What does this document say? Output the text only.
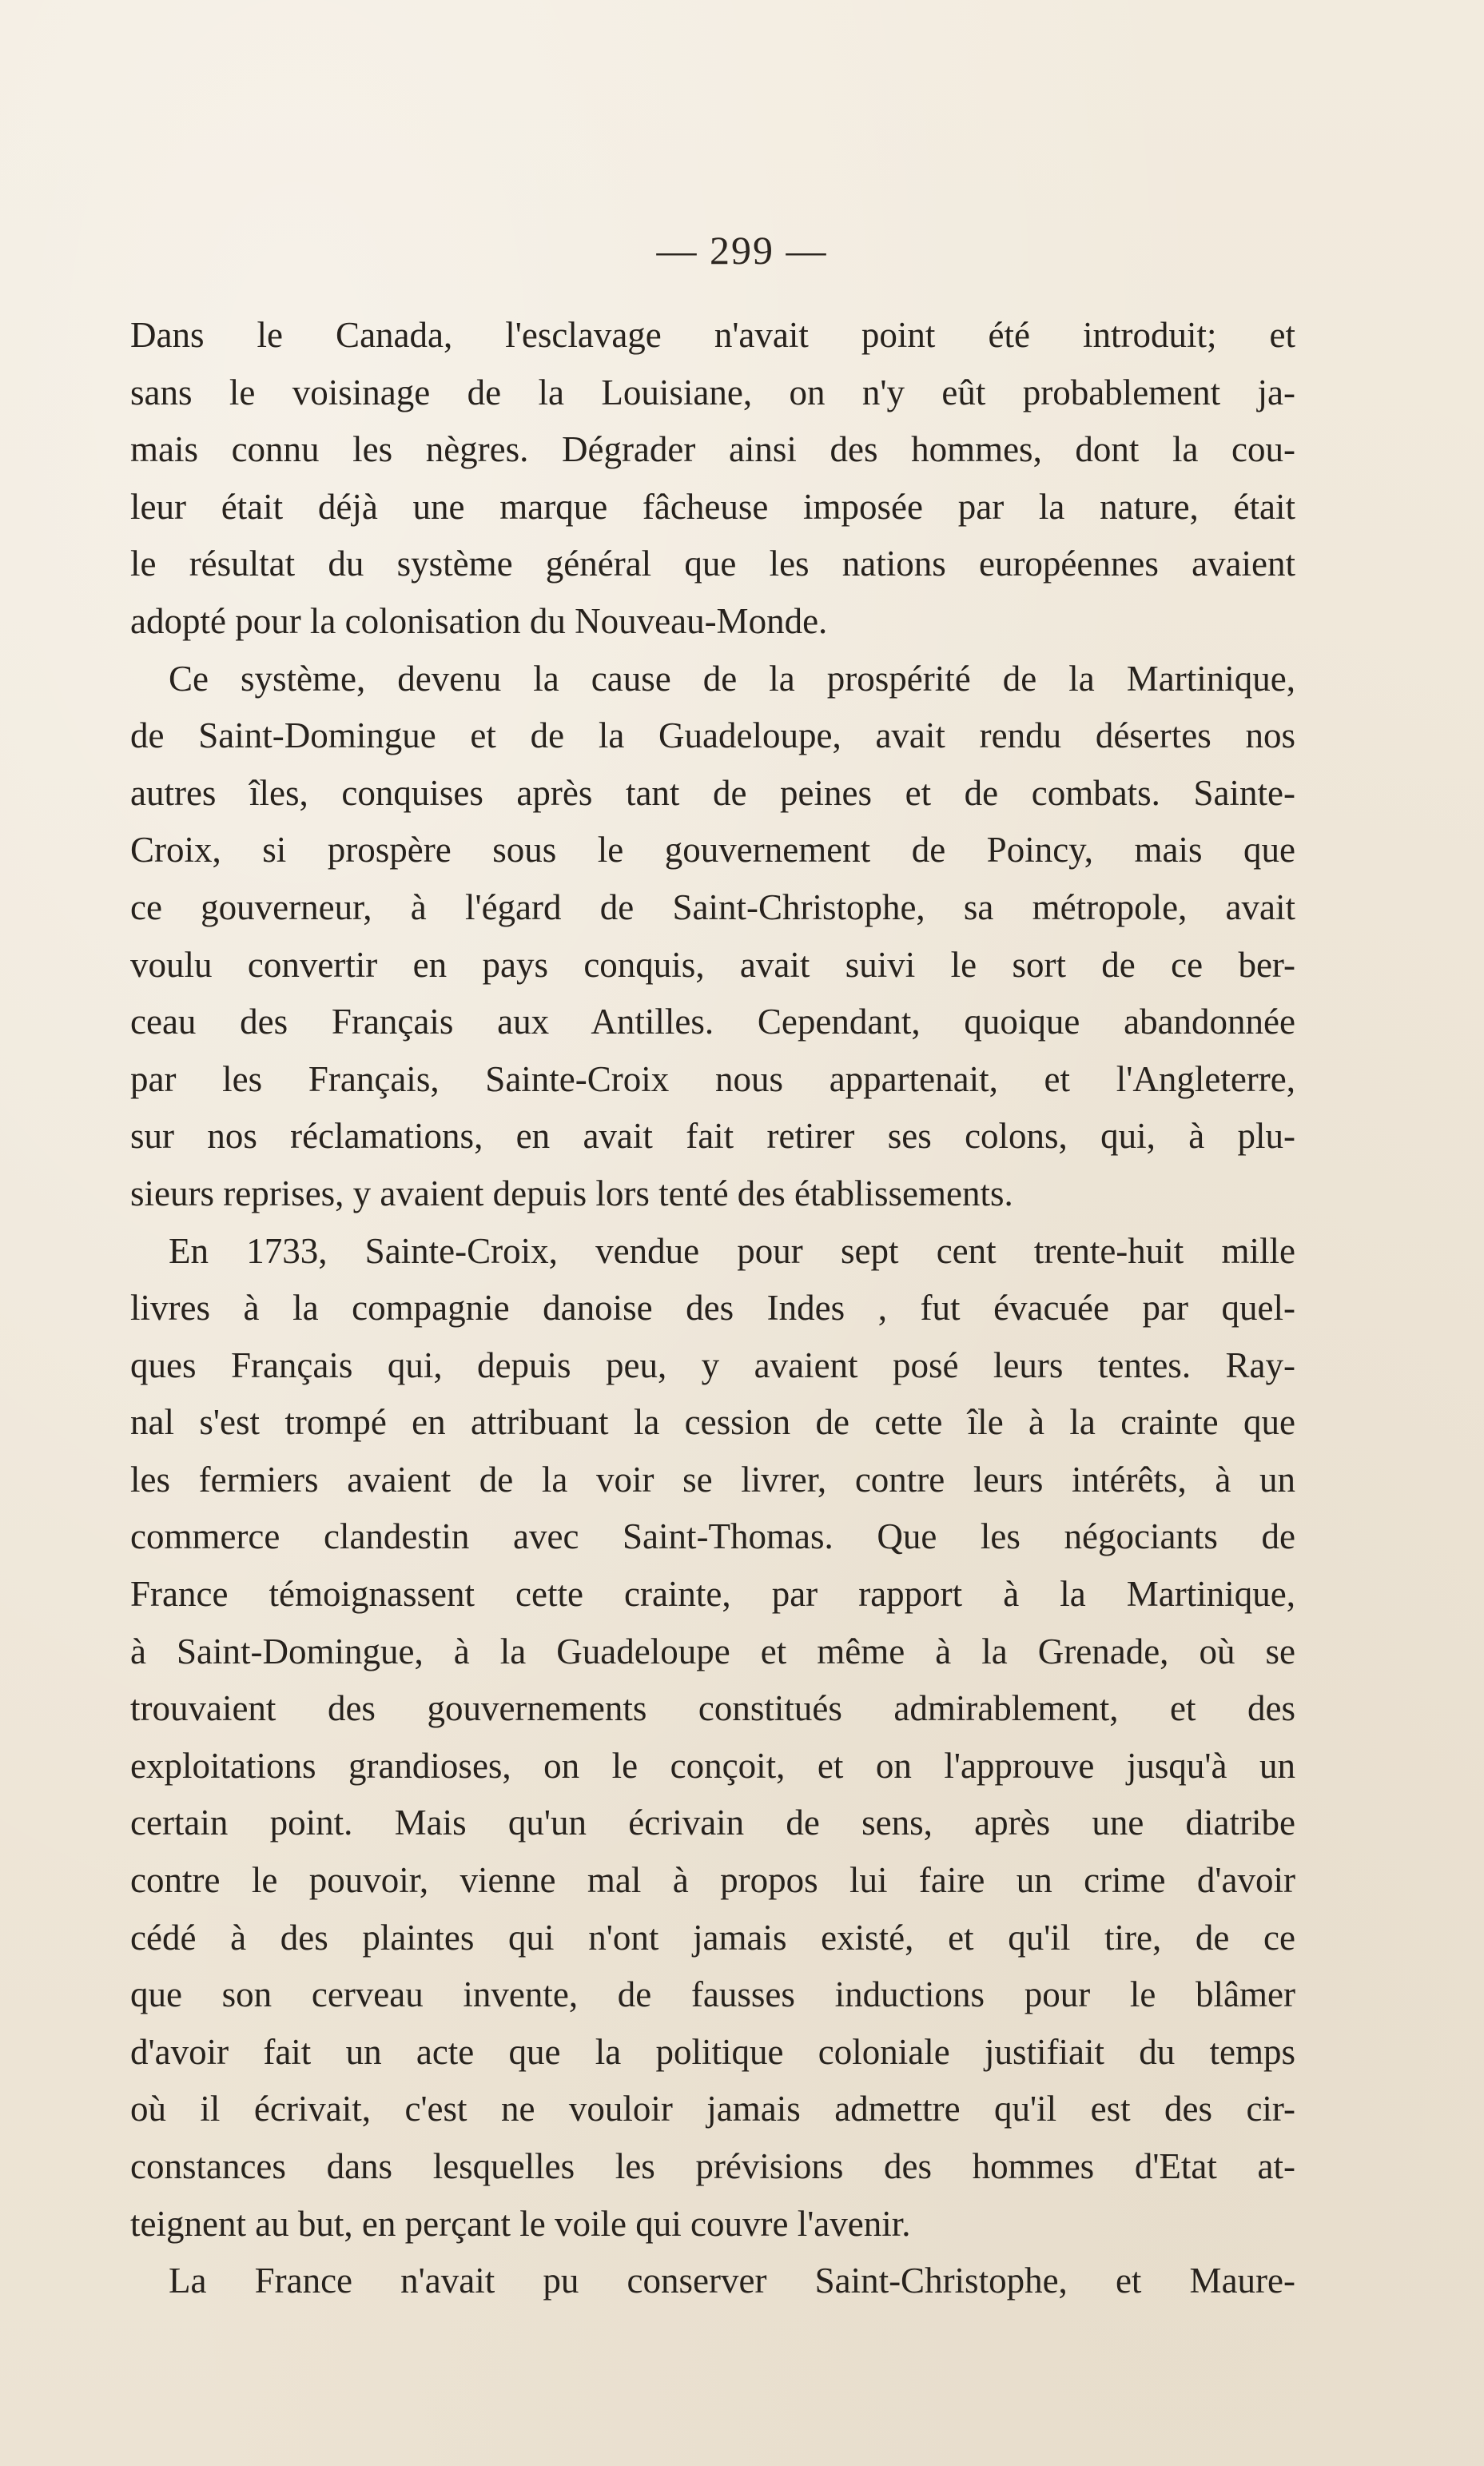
— 299 —

Dans le Canada, l'esclavage n'avait point été introduit; et
sans le voisinage de la Louisiane, on n'y eût probablement ja-
mais connu les nègres. Dégrader ainsi des hommes, dont la cou-
leur était déjà une marque fâcheuse imposée par la nature, était
le résultat du système général que les nations européennes avaient
adopté pour la colonisation du Nouveau-Monde.

Ce système, devenu la cause de la prospérité de la Martinique,
de Saint-Domingue et de la Guadeloupe, avait rendu désertes nos
autres îles, conquises après tant de peines et de combats. Sainte-
Croix, si prospère sous le gouvernement de Poincy, mais que
ce gouverneur, à l'égard de Saint-Christophe, sa métropole, avait
voulu convertir en pays conquis, avait suivi le sort de ce ber-
ceau des Français aux Antilles. Cependant, quoique abandonnée
par les Français, Sainte-Croix nous appartenait, et l'Angleterre,
sur nos réclamations, en avait fait retirer ses colons, qui, à plu-
sieurs reprises, y avaient depuis lors tenté des établissements.

En 1733, Sainte-Croix, vendue pour sept cent trente-huit mille
livres à la compagnie danoise des Indes , fut évacuée par quel-
ques Français qui, depuis peu, y avaient posé leurs tentes. Ray-
nal s'est trompé en attribuant la cession de cette île à la crainte que
les fermiers avaient de la voir se livrer, contre leurs intérêts, à un
commerce clandestin avec Saint-Thomas. Que les négociants de
France témoignassent cette crainte, par rapport à la Martinique,
à Saint-Domingue, à la Guadeloupe et même à la Grenade, où se
trouvaient des gouvernements constitués admirablement, et des
exploitations grandioses, on le conçoit, et on l'approuve jusqu'à un
certain point. Mais qu'un écrivain de sens, après une diatribe
contre le pouvoir, vienne mal à propos lui faire un crime d'avoir
cédé à des plaintes qui n'ont jamais existé, et qu'il tire, de ce
que son cerveau invente, de fausses inductions pour le blâmer
d'avoir fait un acte que la politique coloniale justifiait du temps
où il écrivait, c'est ne vouloir jamais admettre qu'il est des cir-
constances dans lesquelles les prévisions des hommes d'Etat at-
teignent au but, en perçant le voile qui couvre l'avenir.

La France n'avait pu conserver Saint-Christophe, et Maure-
